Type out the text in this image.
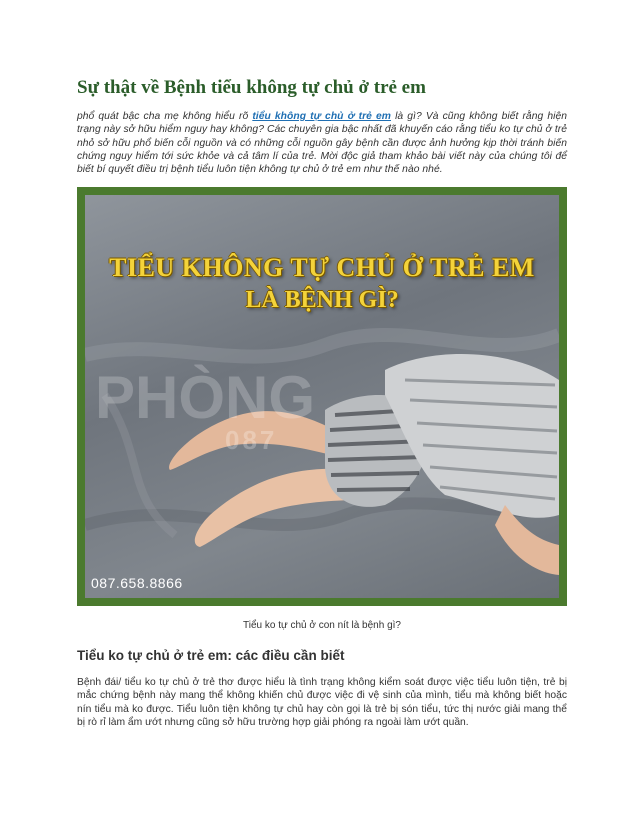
Sự thật về Bệnh tiểu không tự chủ ở trẻ em

phổ quát bậc cha mẹ không hiểu rõ tiểu không tự chủ ở trẻ em là gì? Và cũng không biết rằng hiện trạng này sở hữu hiểm nguy hay không? Các chuyên gia bậc nhất đã khuyến cáo rằng tiểu ko tự chủ ở trẻ nhỏ sở hữu phổ biến cỗi nguồn và có những cỗi nguồn gây bệnh cần được ảnh hưởng kịp thời tránh biến chứng nguy hiểm tới sức khỏe và cả tâm lí của trẻ. Mời độc giả tham khảo bài viết này của chúng tôi để biết bí quyết điều trị bệnh tiểu luôn tiện không tự chủ ở trẻ em như thế nào nhé.

PHÒNG
087
TIỂU KHÔNG TỰ CHỦ Ở TRẺ EM
LÀ BỆNH GÌ?
087.658.8866

Tiểu ko tự chủ ở con nít là bệnh gì?

Tiểu ko tự chủ ở trẻ em: các điều cần biết

Bệnh đái/ tiểu ko tự chủ ở trẻ thơ được hiểu là tình trạng không kiểm soát được việc tiểu luôn tiện, trẻ bị mắc chứng bệnh này mang thể không khiến chủ được việc đi vệ sinh của mình, tiểu mà không biết hoặc nín tiểu mà ko được. Tiểu luôn tiện không tự chủ hay còn gọi là trẻ bị són tiểu, tức thị nước giải mang thể bị rò rỉ làm ẩm ướt nhưng cũng sở hữu trường hợp giải phóng ra ngoài làm ướt quần.
